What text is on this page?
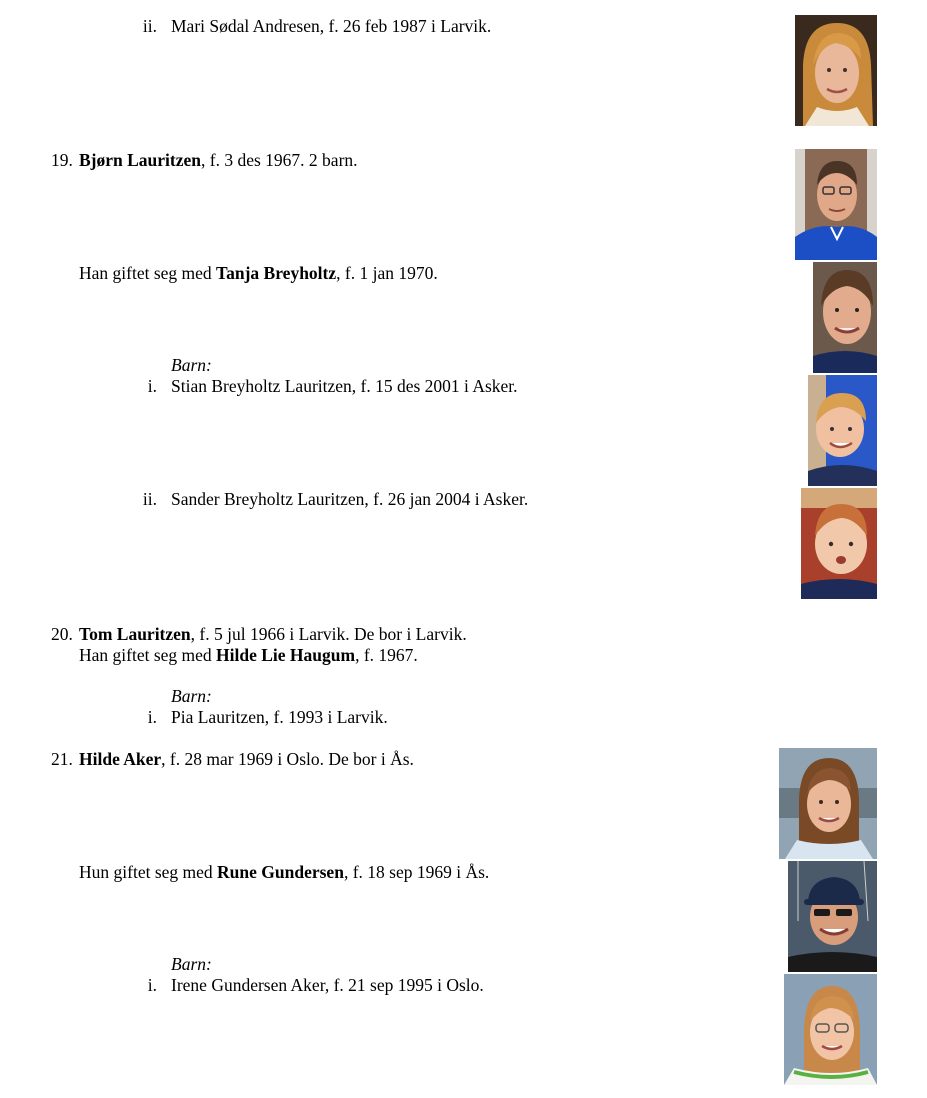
ii. Mari Sødal Andresen, f. 26 feb 1987 i Larvik.
19. Bjørn Lauritzen, f. 3 des 1967. 2 barn.
Han giftet seg med Tanja Breyholtz, f. 1 jan 1970.
Barn:
i. Stian Breyholtz Lauritzen, f. 15 des 2001 i Asker.
ii. Sander Breyholtz Lauritzen, f. 26 jan 2004 i Asker.
20. Tom Lauritzen, f. 5 jul 1966 i Larvik. De bor i Larvik.
Han giftet seg med Hilde Lie Haugum, f. 1967.
Barn:
i. Pia Lauritzen, f. 1993 i Larvik.
21. Hilde Aker, f. 28 mar 1969 i Oslo. De bor i Ås.
Hun giftet seg med Rune Gundersen, f. 18 sep 1969 i Ås.
Barn:
i. Irene Gundersen Aker, f. 21 sep 1995 i Oslo.
